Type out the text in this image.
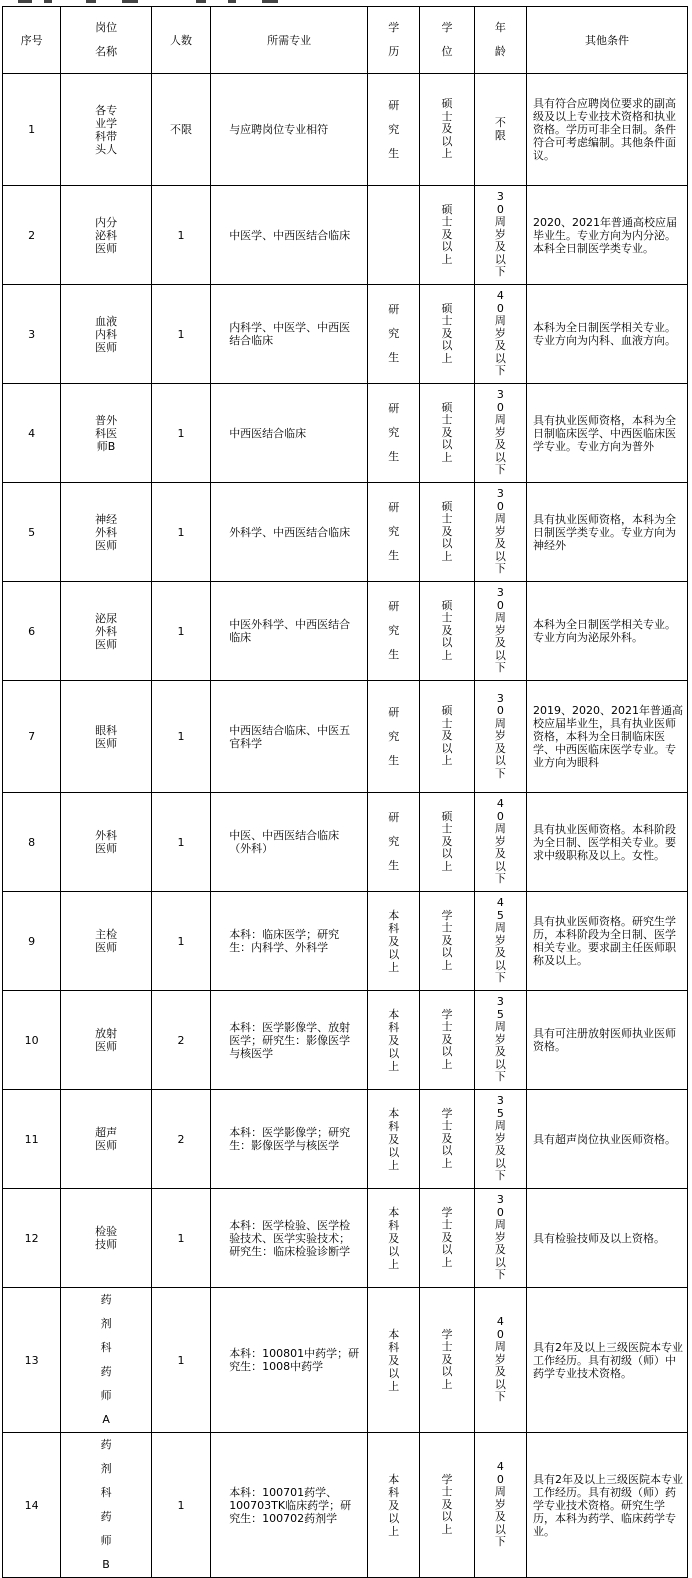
序号	岗位名称	人数	所需专业	学历	学位	年龄	其他条件
1	各专业学科带头人	不限	与应聘岗位专业相符	研究生	硕士及以上	不限	具有符合应聘岗位要求的副高级及以上专业技术资格和执业资格。学历可非全日制。条件符合可考虑编制。其他条件面议。
2	内分泌科医师	1	中医学、中西医结合临床		硕士及以上	30周岁及以下	2020、2021年普通高校应届毕业生。专业方向为内分泌。本科全日制医学类专业。
3	血液内科医师	1	内科学、中医学、中西医结合临床	研究生	硕士及以上	40周岁及以下	本科为全日制医学相关专业。专业方向为内科、血液方向。
4	普外科医师B	1	中西医结合临床	研究生	硕士及以上	30周岁及以下	具有执业医师资格，本科为全日制临床医学、中西医临床医学专业。专业方向为普外
5	神经外科医师	1	外科学、中西医结合临床	研究生	硕士及以上	30周岁及以下	具有执业医师资格，本科为全日制医学类专业。专业方向为神经外
6	泌尿外科医师	1	中医外科学、中西医结合临床	研究生	硕士及以上	30周岁及以下	本科为全日制医学相关专业。专业方向为泌尿外科。
7	眼科医师	1	中西医结合临床、中医五官科学	研究生	硕士及以上	30周岁及以下	2019、2020、2021年普通高校应届毕业生，具有执业医师资格，本科为全日制临床医学、中西医临床医学专业。专业方向为眼科
8	外科医师	1	中医、中西医结合临床（外科）	研究生	硕士及以上	40周岁及以下	具有执业医师资格。本科阶段为全日制、医学相关专业。要求中级职称及以上。女性。
9	主检医师	1	本科：临床医学；研究生：内科学、外科学	本科及以上	学士及以上	45周岁及以下	具有执业医师资格。研究生学历，本科阶段为全日制、医学相关专业。要求副主任医师职称及以上。
10	放射医师	2	本科：医学影像学、放射医学；研究生：影像医学与核医学	本科及以上	学士及以上	35周岁及以下	具有可注册放射医师执业医师资格。
11	超声医师	2	本科：医学影像学；研究生：影像医学与核医学	本科及以上	学士及以上	35周岁及以下	具有超声岗位执业医师资格。
12	检验技师	1	本科：医学检验、医学检验技术、医学实验技术；研究生：临床检验诊断学	本科及以上	学士及以上	30周岁及以下	具有检验技师及以上资格。
13	药剂科药师A	1	本科：100801中药学；研究生：1008中药学	本科及以上	学士及以上	40周岁及以下	具有2年及以上三级医院本专业工作经历。具有初级（师）中药学专业技术资格。
14	药剂科药师B	1	本科：100701药学、100703TK临床药学；研究生：100702药剂学	本科及以上	学士及以上	40周岁及以下	具有2年及以上三级医院本专业工作经历。具有初级（师）药学专业技术资格。研究生学历，本科为药学、临床药学专业。
